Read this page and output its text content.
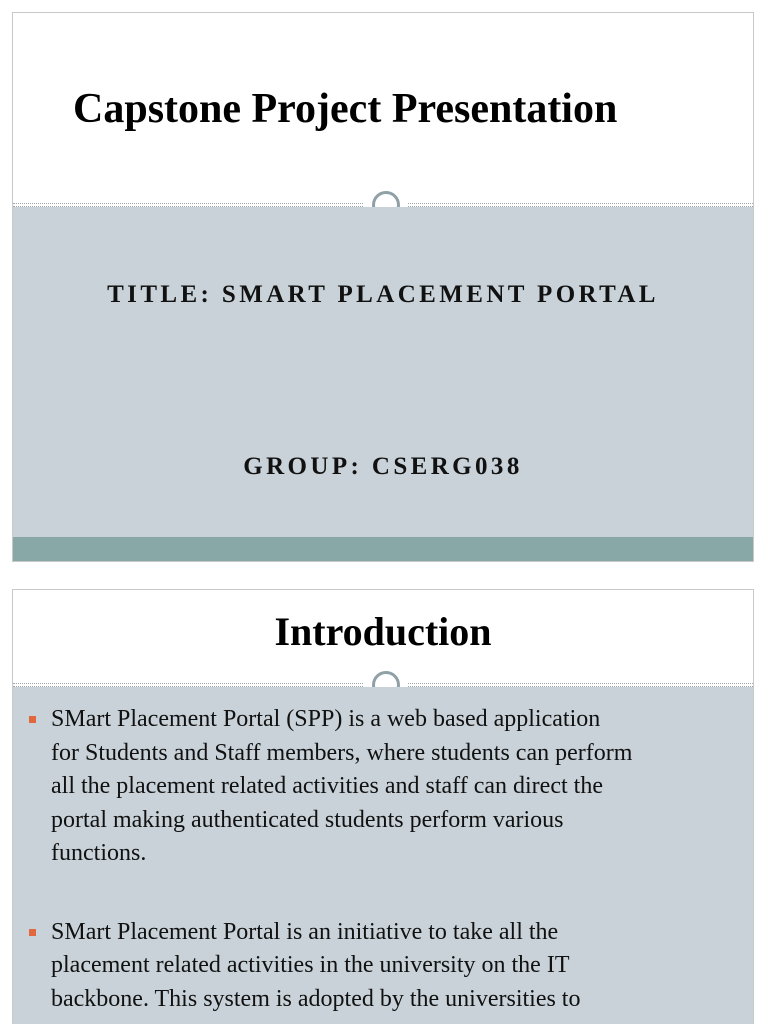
Capstone Project Presentation

TITLE: SMART PLACEMENT PORTAL

GROUP: CSERG038

Introduction
SMart Placement Portal (SPP) is a web based application
for Students and Staff members, where students can perform
all the placement related activities and staff can direct the
portal making authenticated students perform various
functions.
SMart Placement Portal is an initiative to take all the
placement related activities in the university on the IT
backbone. This system is adopted by the universities to
